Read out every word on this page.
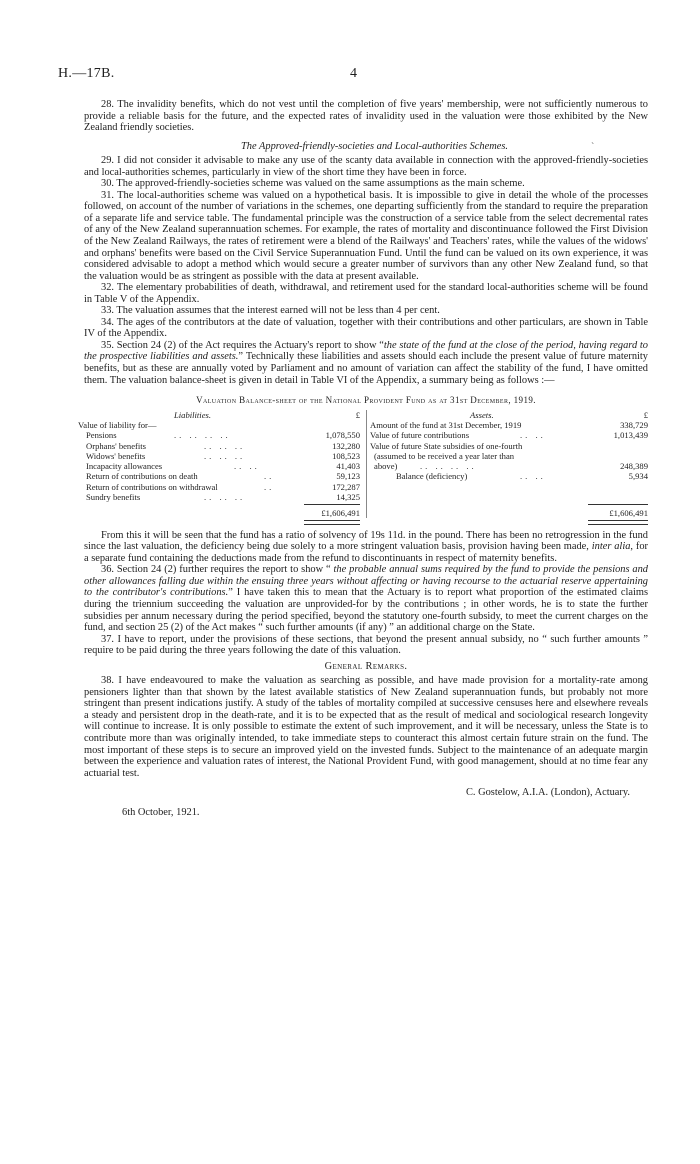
H.—17B.	4
ˋ

28. The invalidity benefits, which do not vest until the completion of five years' membership, were not sufficiently numerous to provide a reliable basis for the future, and the expected rates of invalidity used in the valuation were those exhibited by the New Zealand friendly societies.

The Approved-friendly-societies and Local-authorities Schemes.

29. I did not consider it advisable to make any use of the scanty data available in connection with the approved-friendly-societies and local-authorities schemes, particularly in view of the short time they have been in force.

30. The approved-friendly-societies scheme was valued on the same assumptions as the main scheme.

31. The local-authorities scheme was valued on a hypothetical basis. It is impossible to give in detail the whole of the processes followed, on account of the number of variations in the schemes, one departing sufficiently from the standard to require the preparation of a separate life and service table. The fundamental principle was the construction of a service table from the select decremental rates of any of the New Zealand superannuation schemes. For example, the rates of mortality and discontinuance followed the First Division of the New Zealand Railways, the rates of retirement were a blend of the Railways' and Teachers' rates, while the values of the widows' and orphans' benefits were based on the Civil Service Superannuation Fund. Until the fund can be valued on its own experience, it was considered advisable to adopt a method which would secure a greater number of survivors than any other New Zealand fund, so that the valuation would be as stringent as possible with the data at present available.

32. The elementary probabilities of death, withdrawal, and retirement used for the standard local-authorities scheme will be found in Table V of the Appendix.

33. The valuation assumes that the interest earned will not be less than 4 per cent.

34. The ages of the contributors at the date of valuation, together with their contributions and other particulars, are shown in Table IV of the Appendix.

35. Section 24 (2) of the Act requires the Actuary's report to show “the state of the fund at the close of the period, having regard to the prospective liabilities and assets.” Technically these liabilities and assets should each include the present value of future maternity benefits, but as these are annually voted by Parliament and no amount of variation can affect the stability of the fund, I have omitted them. The valuation balance-sheet is given in detail in Table VI of the Appendix, a summary being as follows :—

Valuation Balance-sheet of the National Provident Fund as at 31st December, 1919.

Liabilities.	£
Value of liability for—
Pensions	.. .. .. ..	1,078,550
Orphans' benefits	.. .. ..	132,280
Widows' benefits	.. .. ..	108,523
Incapacity allowances	.. ..	41,403
Return of contributions on death	..	59,123
Return of contributions on withdrawal	..	172,287
Sundry benefits	.. .. ..	14,325
£1,606,491
Assets.	£
Amount of the fund at 31st December, 1919	338,729
Value of future contributions	.. ..	1,013,439
Value of future State subsidies of one-fourth
(assumed to be received a year later than
above)	.. .. .. ..	248,389
Balance (deficiency)	.. ..	5,934
£1,606,491

From this it will be seen that the fund has a ratio of solvency of 19s 11d. in the pound. There has been no retrogression in the fund since the last valuation, the deficiency being due solely to a more stringent valuation basis, provision having been made, inter alia, for a separate fund containing the deductions made from the refund to discontinuants in respect of maternity benefits.

36. Section 24 (2) further requires the report to show “ the probable annual sums required by the fund to provide the pensions and other allowances falling due within the ensuing three years without affecting or having recourse to the actuarial reserve appertaining to the contributor's contributions.” I have taken this to mean that the Actuary is to report what proportion of the estimated claims during the triennium succeeding the valuation are unprovided-for by the contributions ; in other words, he is to state the further subsidies per annum necessary during the period specified, beyond the statutory one-fourth subsidy, to meet the current charges on the fund, and section 25 (2) of the Act makes “ such further amounts (if any) ” an additional charge on the State.

37. I have to report, under the provisions of these sections, that beyond the present annual subsidy, no “ such further amounts ” require to be paid during the three years following the date of this valuation.

General Remarks.

38. I have endeavoured to make the valuation as searching as possible, and have made provision for a mortality-rate among pensioners lighter than that shown by the latest available statistics of New Zealand superannuation funds, but probably not more stringent than present indications justify. A study of the tables of mortality compiled at successive censuses here and elsewhere reveals a steady and persistent drop in the death-rate, and it is to be expected that as the result of medical and sociological research longevity will continue to increase. It is only possible to estimate the extent of such improvement, and it will be necessary, unless the State is to contribute more than was originally intended, to take immediate steps to counteract this almost certain future strain on the fund. The most important of these steps is to secure an improved yield on the invested funds. Subject to the maintenance of an adequate margin between the experience and valuation rates of interest, the National Provident Fund, with good management, should at no time fear any actuarial test.

C. Gostelow, A.I.A. (London), Actuary.
6th October, 1921.
